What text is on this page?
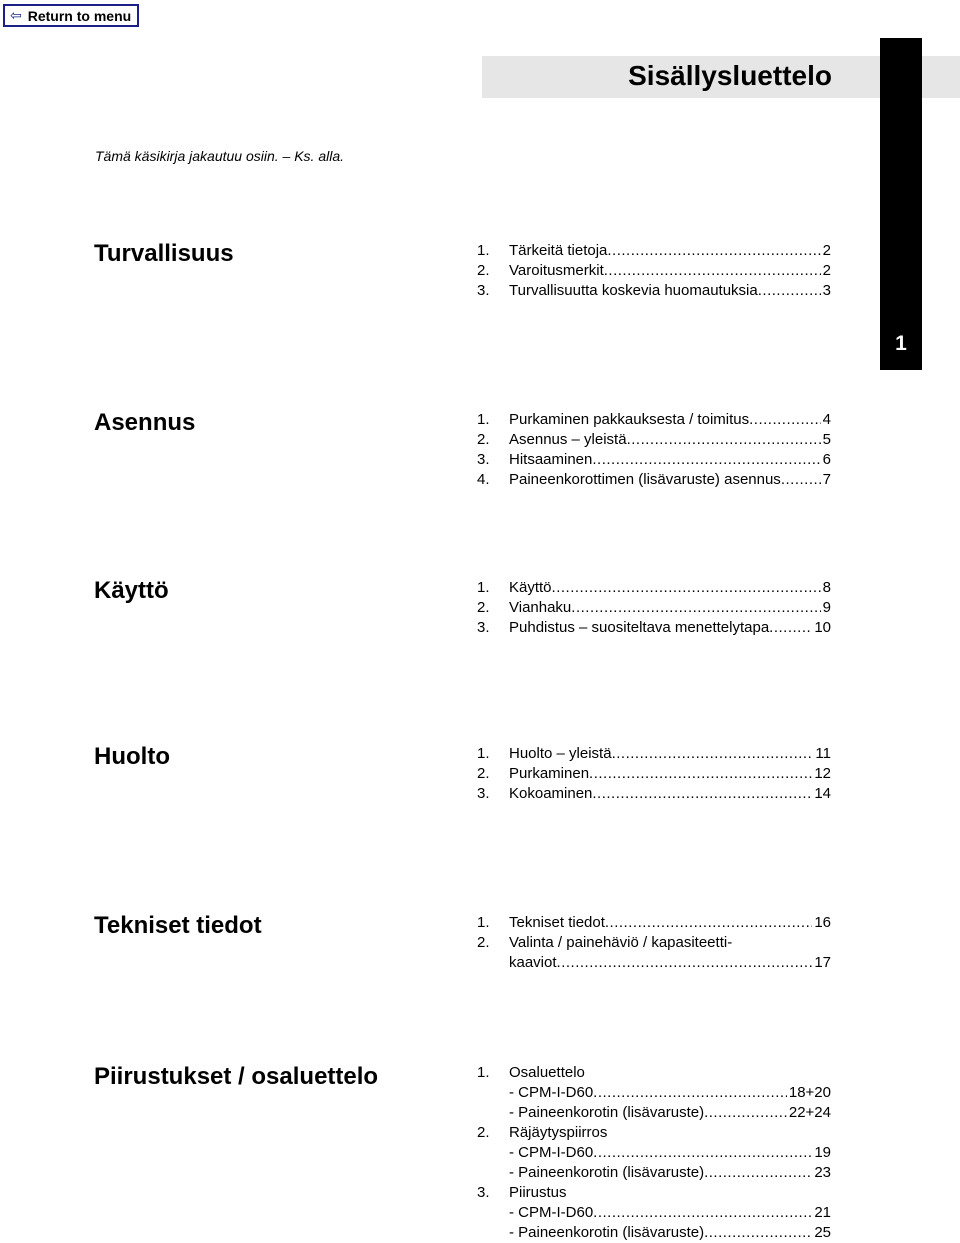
⇦ Return to menu
Sisällysluettelo
1
Tämä käsikirja jakautuu osiin. – Ks. alla.
Turvallisuus	1.	Tärkeitä tietoja .....	2
2.	Varoitusmerkit .....	2
3.	Turvallisuutta koskevia huomautuksia .....	3
Asennus	1.	Purkaminen pakkauksesta / toimitus .....	4
2.	Asennus – yleistä .....	5
3.	Hitsaaminen .....	6
4.	Paineenkorottimen (lisävaruste) asennus .....	7
Käyttö	1.	Käyttö .....	8
2.	Vianhaku .....	9
3.	Puhdistus – suositeltava menettelytapa .....	10
Huolto	1.	Huolto – yleistä .....	11
2.	Purkaminen .....	12
3.	Kokoaminen .....	14
Tekniset tiedot	1.	Tekniset tiedot .....	16
2.	Valinta / painehäviö / kapasiteetti-
kaaviot .....	17
Piirustukset / osaluettelo	1.	Osaluettelo
- CPM-I-D60 .....	18+20
- Paineenkorotin (lisävaruste) .....	22+24
2.	Räjäytyspiirros
- CPM-I-D60 .....	19
- Paineenkorotin (lisävaruste) .....	23
3.	Piirustus
- CPM-I-D60 .....	21
- Paineenkorotin (lisävaruste) .....	25
